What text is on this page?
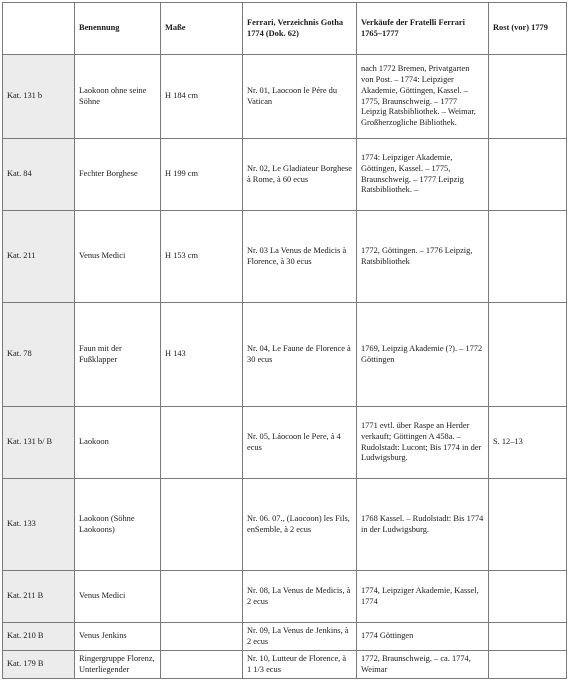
	Benennung	Maße	Ferrari, Verzeichnis Gotha 1774 (Dok. 62)	Verkäufe der Fratelli Ferrari 1765–1777	Rost (vor) 1779
Kat. 131 b	Laokoon ohne seine Söhne	H 184 cm	Nr. 01, Laocoon le Pére du Vatican	nach 1772 Bremen, Privatgarten von Post. – 1774: Leipziger Akademie, Göttingen, Kassel. – 1775, Braunschweig. – 1777 Leipzig Ratsbibliothek. – Weimar, Großherzogliche Bibliothek.	
Kat. 84	Fechter Borghese	H 199 cm	Nr. 02, Le Gladiateur Borghese à Rome, à 60 ecus	1774: Leipziger Akademie, Göttingen, Kassel. – 1775, Braunschweig. – 1777 Leipzig Ratsbibliothek. –	
Kat. 211	Venus Medici	H 153 cm	Nr. 03 La Venus de Medicis à Florence, à 30 ecus	1772, Göttingen. – 1776 Leipzig, Ratsbibliothek	
Kat. 78	Faun mit der Fußklapper	H 143	Nr. 04, Le Faune de Florence à 30 ecus	1769, Leipzig Akademie (?). – 1772 Göttingen	
Kat. 131 b/ B	Laokoon		Nr. 05, Láocoon le Pere, à 4 ecus	1771 evtl. über Raspe an Herder verkauft; Göttingen A 458a. – Rudolstadt: Lucont; Bis 1774 in der Ludwigsburg.	S. 12–13
Kat. 133	Laokoon (Söhne Laokoons)		Nr. 06. 07., (Laocoon) les Fils, enSemble, à 2 ecus	1768 Kassel. – Rudolstadt: Bis 1774 in der Ludwigsburg.	
Kat. 211 B	Venus Medici		Nr. 08, La Venus de Medicis, à 2 ecus	1774, Leipziger Akademie, Kassel, 1774	
Kat. 210 B	Venus Jenkins		Nr. 09, La Venus de Jenkins, à 2 ecus	1774 Göttingen	
Kat. 179 B	Ringergruppe Florenz, Unterliegender		Nr. 10, Lutteur de Florence, à 1 1/3 ecus	1772, Braunschweig. – ca. 1774, Weimar	
